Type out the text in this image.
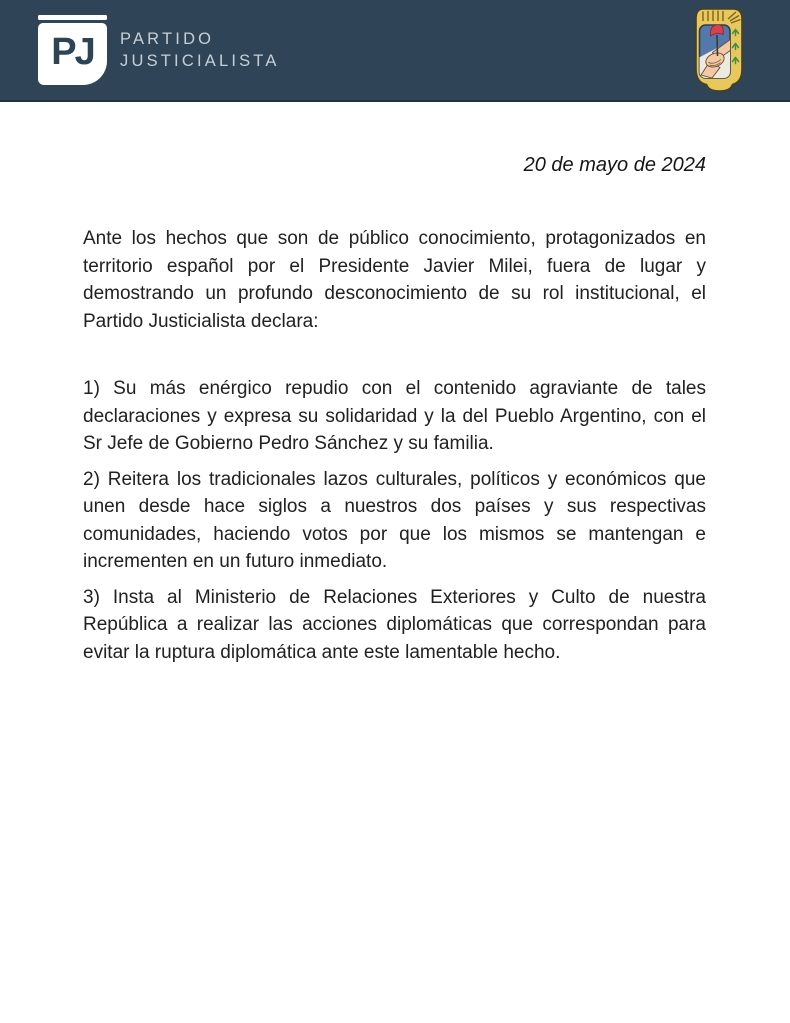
PJ PARTIDO
JUSTICIALISTA
20 de mayo de 2024

Ante los hechos que son de público conocimiento, protagonizados en territorio español por el Presidente Javier Milei, fuera de lugar y demostrando un profundo desconocimiento de su rol institucional, el Partido Justicialista declara:

1) Su más enérgico repudio con el contenido agraviante de tales declaraciones y expresa su solidaridad y la del Pueblo Argentino, con el Sr Jefe de Gobierno Pedro Sánchez y su familia.

2) Reitera los tradicionales lazos culturales, políticos y económicos que unen desde hace siglos a nuestros dos países y sus respectivas comunidades, haciendo votos por que los mismos se mantengan e incrementen en un futuro inmediato.

3) Insta al Ministerio de Relaciones Exteriores y Culto de nuestra República a realizar las acciones diplomáticas que correspondan para evitar la ruptura diplomática ante este lamentable hecho.
